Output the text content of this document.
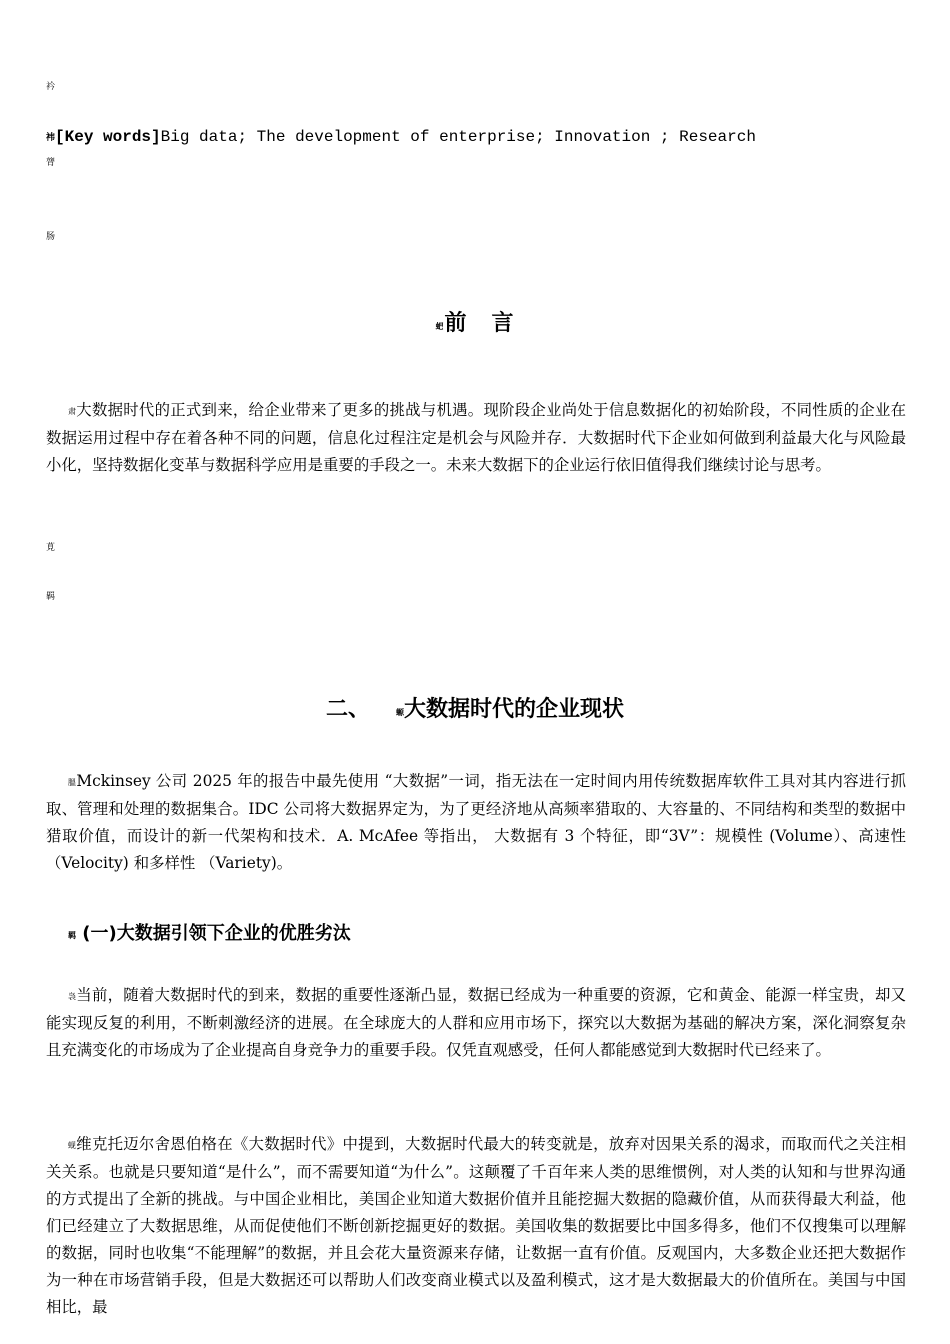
衿
袆[Key words]Big data; The development of enterprise; Innovation ; Research
膂
肠
蚆前 言
肃大数据时代的正式到来，给企业带来了更多的挑战与机遇。现阶段企业尚处于信息数据化的初始阶段，不同性质的企业在数据运用过程中存在着各种不同的问题，信息化过程注定是机会与风险并存．大数据时代下企业如何做到利益最大化与风险最小化，坚持数据化变革与数据科学应用是重要的手段之一。未来大数据下的企业运行依旧值得我们继续讨论与思考。
莧
羁
二、	螈大数据时代的企业现状
膃Mckinsey 公司 2025 年的报告中最先使用 “大数据”一词，指无法在一定时间内用传统数据库软件工具对其内容进行抓取、管理和处理的数据集合。IDC 公司将大数据界定为，为了更经济地从高频率猎取的、大容量的、不同结构和类型的数据中猎取价值，而设计的新一代架构和技术．A. McAfee 等指出， 大数据有 3 个特征，即“3V”：规模性 (Volume）、高速性 （Velocity) 和多样性 （Variety)。
羁 (一)大数据引领下企业的优胜劣汰
袅当前，随着大数据时代的到来，数据的重要性逐渐凸显，数据已经成为一种重要的资源，它和黄金、能源一样宝贵，却又能实现反复的利用，不断刺激经济的进展。在全球庞大的人群和应用市场下，探究以大数据为基础的解决方案，深化洞察复杂且充满变化的市场成为了企业提高自身竞争力的重要手段。仅凭直观感受，任何人都能感觉到大数据时代已经来了。
蚬维克托迈尔舍恩伯格在《大数据时代》中提到，大数据时代最大的转变就是，放弃对因果关系的渴求，而取而代之关注相关关系。也就是只要知道“是什么”，而不需要知道“为什么”。这颠覆了千百年来人类的思维惯例，对人类的认知和与世界沟通的方式提出了全新的挑战。与中国企业相比，美国企业知道大数据价值并且能挖掘大数据的隐藏价值，从而获得最大利益，他们已经建立了大数据思维，从而促使他们不断创新挖掘更好的数据。美国收集的数据要比中国多得多，他们不仅搜集可以理解的数据，同时也收集“不能理解”的数据，并且会花大量资源来存储，让数据一直有价值。反观国内，大多数企业还把大数据作为一种在市场营销手段，但是大数据还可以帮助人们改变商业模式以及盈利模式，这才是大数据最大的价值所在。美国与中国相比，最
